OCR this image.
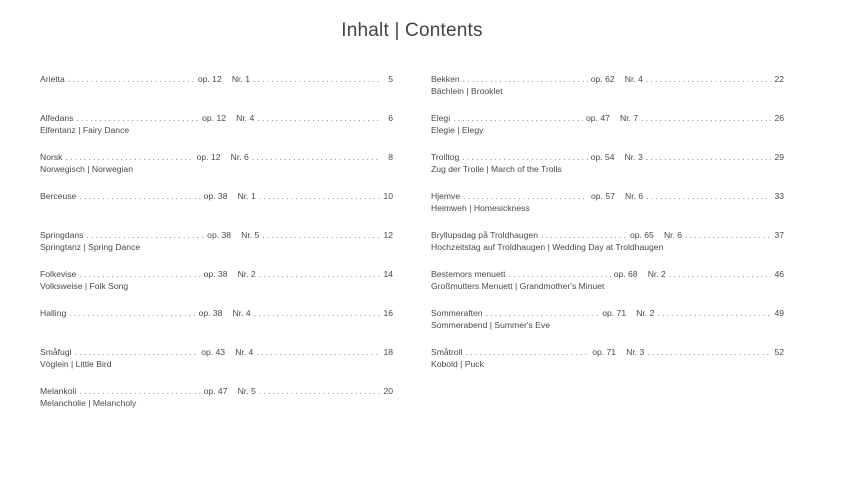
Inhalt | Contents
Arietta .....	op. 12	Nr. 1 .....	5
Alfedans .....	op. 12	Nr. 4 .....	6
Elfentanz | Fairy Dance
Norsk .....	op. 12	Nr. 6 .....	8
Norwegisch | Norwegian
Berceuse .....	op. 38	Nr. 1 .....	10
Springdans .....	op. 38	Nr. 5 .....	12
Springtanz | Spring Dance
Folkevise .....	op. 38	Nr. 2 .....	14
Volksweise | Folk Song
Halling .....	op. 38	Nr. 4 .....	16
Småfugl .....	op. 43	Nr. 4 .....	18
Vöglein | Little Bird
Melankoli .....	op. 47	Nr. 5 .....	20
Melancholie | Melancholy
Bekken .....	op. 62	Nr. 4 .....	22
Bächlein | Brooklet
Elegi .....	op. 47	Nr. 7 .....	26
Elegie | Elegy
Trolltog .....	op. 54	Nr. 3 .....	29
Zug der Trolle | March of the Trolls
Hjemve .....	op. 57	Nr. 6 .....	33
Heimweh | Homesickness
Bryllupsdag på Troldhaugen .....	op. 65	Nr. 6 .....	37
Hochzeitstag auf Troldhaugen | Wedding Day at Troldhaugen
Bestemors menuett .....	op. 68	Nr. 2 .....	46
Großmutters Menuett | Grandmother's Minuet
Sommeraften .....	op. 71	Nr. 2 .....	49
Sommerabend | Summer's Eve
Småtroll .....	op. 71	Nr. 3 .....	52
Kobold | Puck
